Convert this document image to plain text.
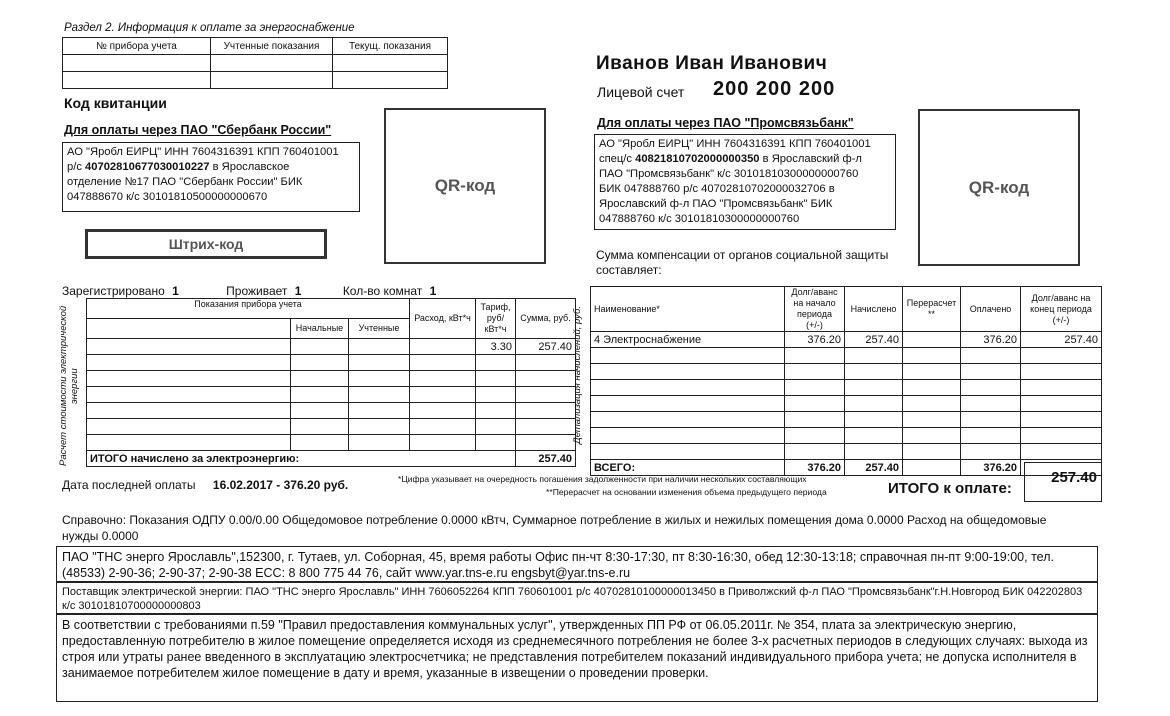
Раздел 2. Информация к оплате за энергоснабжение
№ прибора учета	Учтенные показания	Текущ. показания

Код квитанции
Иванов Иван Иванович
Лицевой счет 200 200 200
Для оплаты через ПАО "Сбербанк России"
АО "Яробл ЕИРЦ" ИНН 7604316391 КПП 760401001
р/с 40702810677030010227 в Ярославское
отделение №17 ПАО "Сбербанк России" БИК
047888670 к/с 30101810500000000670
QR-код
Штрих-код
Для оплаты через ПАО "Промсвязьбанк"
АО "Яробл ЕИРЦ" ИНН 7604316391 КПП 760401001
спец/с 40821810702000000350 в Ярославский ф-л
ПАО "Промсвязьбанк" к/с 30101810300000000760
БИК 047888760 р/с 40702810702000032706 в
Ярославский ф-л ПАО "Промсвязьбанк" БИК
047888760 к/с 30101810300000000760
QR-код
Сумма компенсации от органов социальной защиты составляет:
Зарегистрировано 1	Проживает 1	Кол-во комнат 1
Расчет стоимости электрической энергии
Показания прибора учета			Расход, кВт*ч	Тариф, руб/ кВт*ч	Сумма, руб.
	Начальные	Учтенные			
				3.30	257.40

ИТОГО начислено за электроэнергию:					257.40
Детализация начислений, руб.	Наименование*	Долг/аванс на начало периода (+/-)	Начислено	Перерасчет **	Оплачено	Долг/аванс на конец периода (+/-)
4 Электроснабжение	376.20	257.40		376.20	257.40

ВСЕГО:	376.20	257.40		376.20	
Дата последней оплаты 16.02.2017 - 376.20 руб.	*Цифра указывает на очередность погашения задолженности при наличии нескольких составляющих
**Перерасчет на основании изменения объема предыдущего периода	ИТОГО к оплате:
257.40
Справочно: Показания ОДПУ 0.00/0.00 Общедомовое потребление 0.0000 кВтч, Суммарное потребление в жилых и нежилых помещения дома 0.0000 Расход на общедомовые нужды 0.0000
ПАО "ТНС энерго Ярославль",152300, г. Тутаев, ул. Соборная, 45, время работы Офис пн-чт 8:30-17:30, пт 8:30-16:30, обед 12:30-13:18; справочная пн-пт 9:00-19:00, тел. (48533) 2-90-36; 2-90-37; 2-90-38 ЕСС: 8 800 775 44 76, сайт www.yar.tns-e.ru engsbyt@yar.tns-e.ru
Поставщик электрической энергии: ПАО "ТНС энерго Ярославль" ИНН 7606052264 КПП 760601001 р/с 40702810100000013450 в Приволжский ф-л ПАО "Промсвязьбанк"г.Н.Новгород БИК 042202803 к/с 30101810700000000803
В соответствии с требованиями п.59 "Правил предоставления коммунальных услуг", утвержденных ПП РФ от 06.05.2011г. № 354, плата за электрическую энергию, предоставленную потребителю в жилое помещение определяется исходя из среднемесячного потребления не более 3-х расчетных периодов в следующих случаях: выхода из строя или утраты ранее введенного в эксплуатацию электросчетчика; не представления потребителем показаний индивидуального прибора учета; не допуска исполнителя в занимаемое потребителем жилое помещение в дату и время, указанные в извещении о проведении проверки.
